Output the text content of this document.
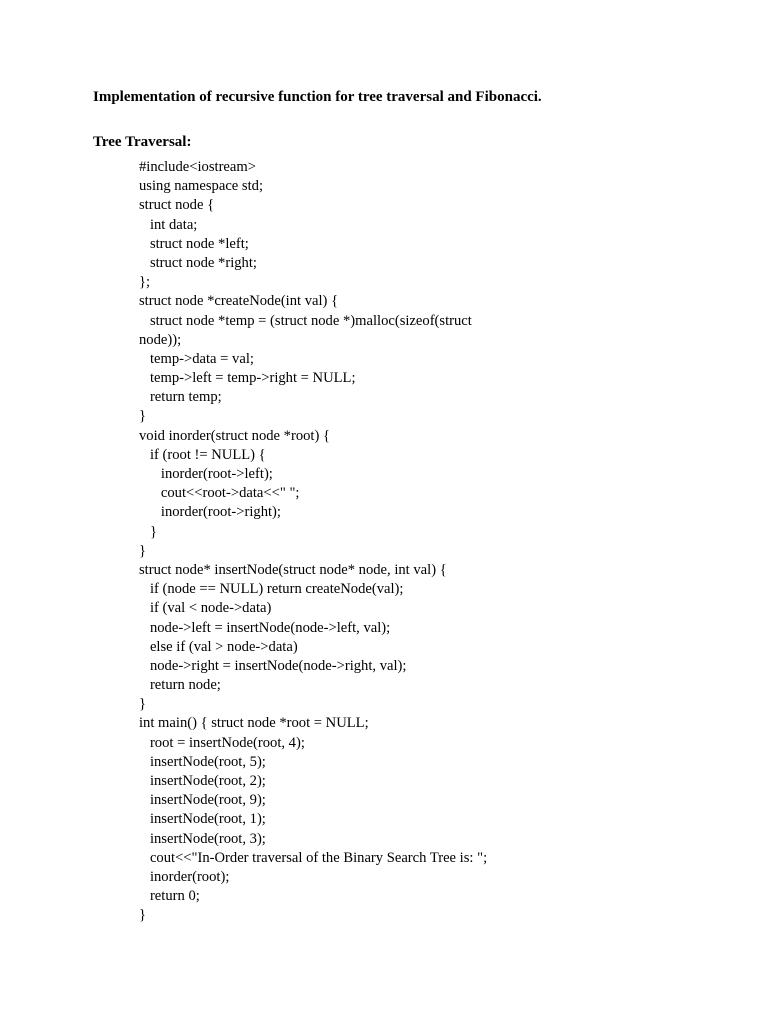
Implementation of recursive function for tree traversal and Fibonacci.
Tree Traversal:
#include<iostream>
using namespace std;
struct node {
int data;
struct node *left;
struct node *right;
};
struct node *createNode(int val) {
struct node *temp = (struct node *)malloc(sizeof(struct
node));
temp->data = val;
temp->left = temp->right = NULL;
return temp;
}
void inorder(struct node *root) {
if (root != NULL) {
inorder(root->left);
cout<<root->data<<" ";
inorder(root->right);
}
}
struct node* insertNode(struct node* node, int val) {
if (node == NULL) return createNode(val);
if (val < node->data)
node->left = insertNode(node->left, val);
else if (val > node->data)
node->right = insertNode(node->right, val);
return node;
}
int main() { struct node *root = NULL;
root = insertNode(root, 4);
insertNode(root, 5);
insertNode(root, 2);
insertNode(root, 9);
insertNode(root, 1);
insertNode(root, 3);
cout<<"In-Order traversal of the Binary Search Tree is: ";
inorder(root);
return 0;
}
